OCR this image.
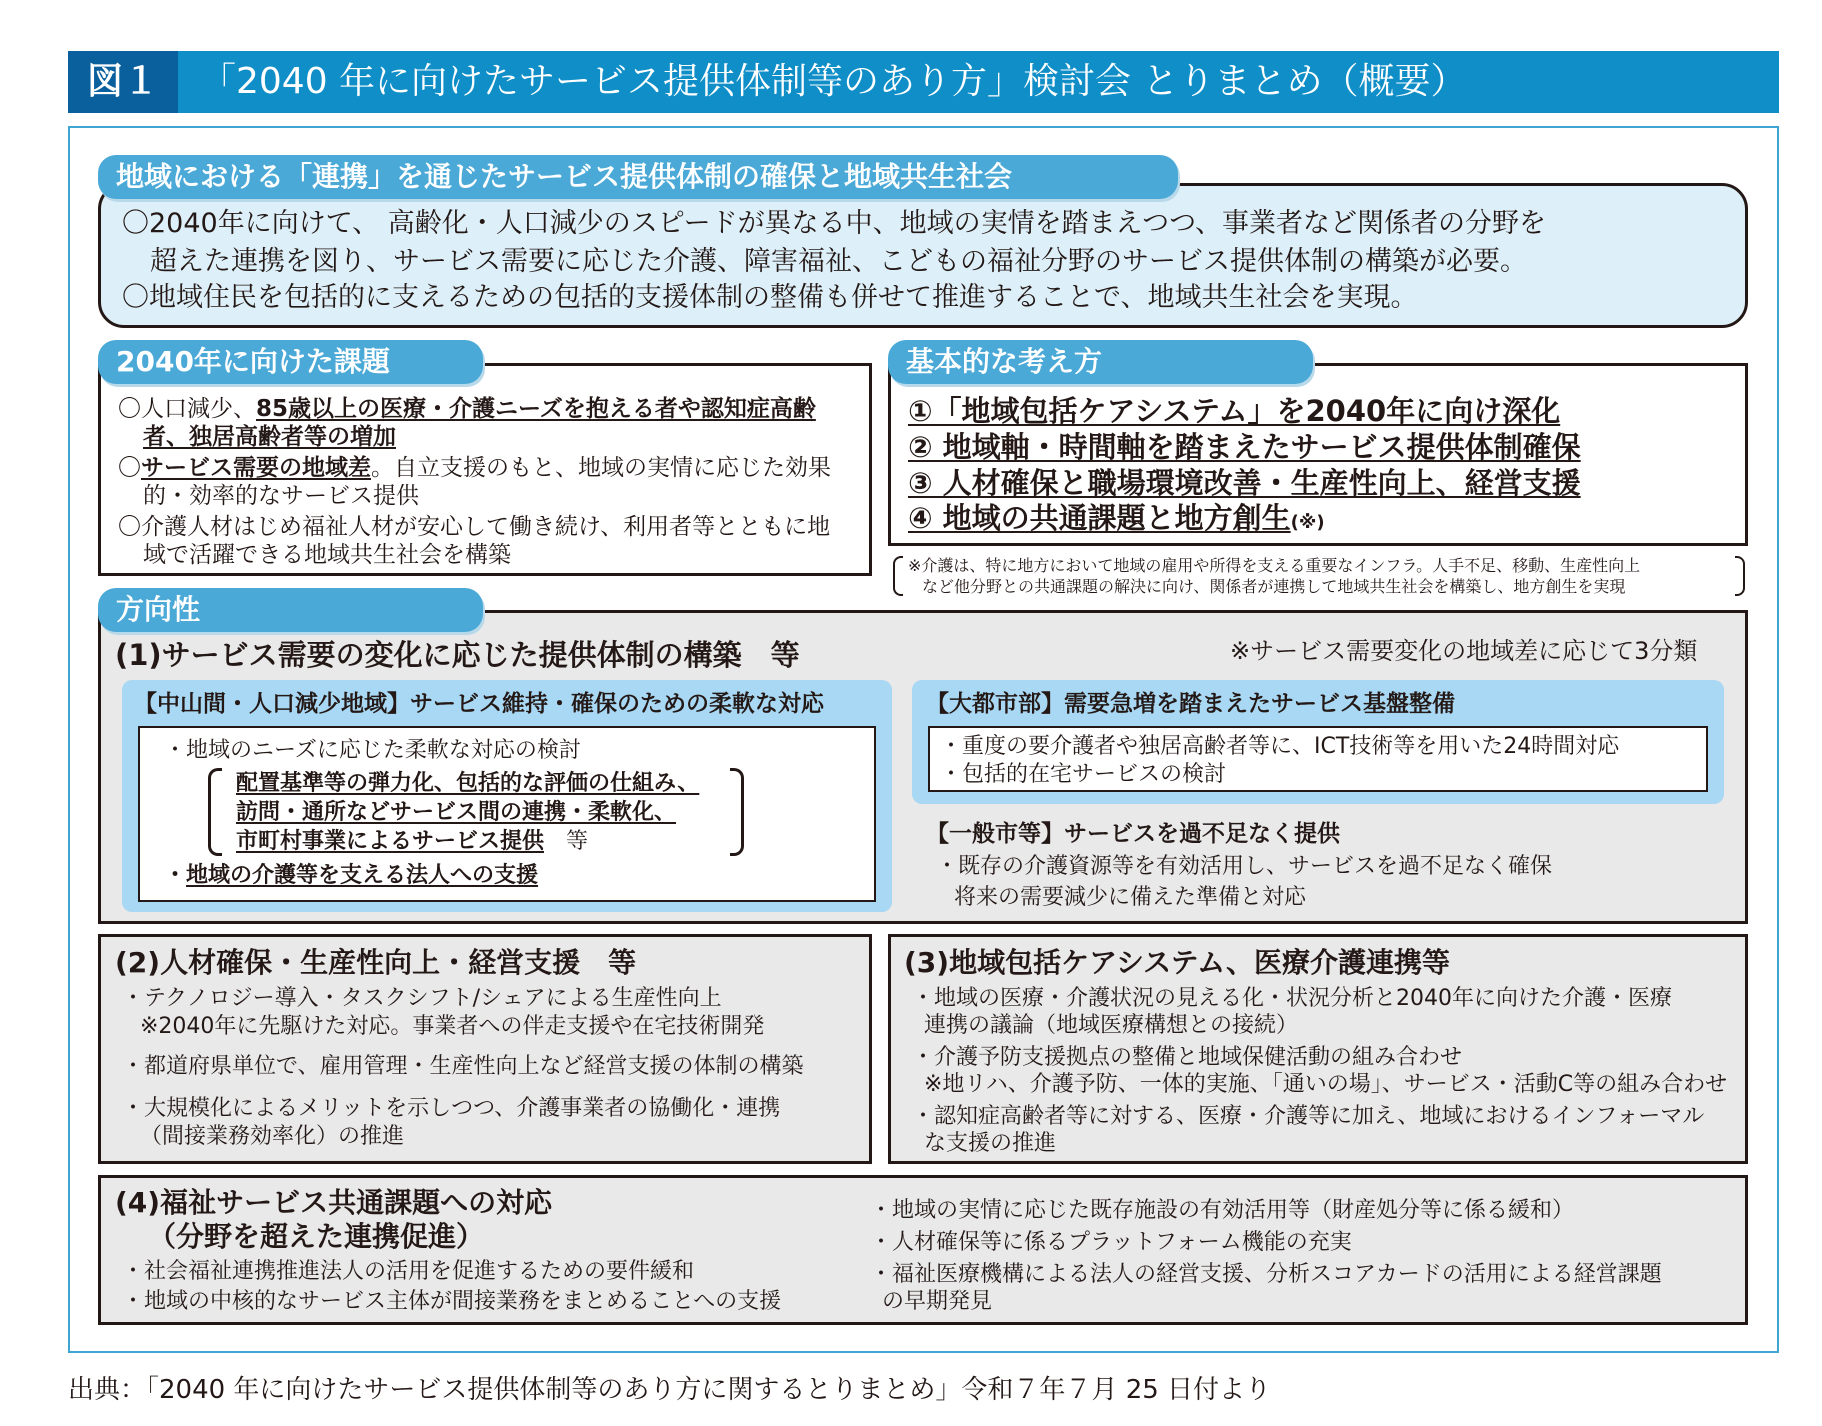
図１	「2040 年に向けたサービス提供体制等のあり方」検討会 とりまとめ（概要）
地域における「連携」を通じたサービス提供体制の確保と地域共生社会
〇2040年に向けて、 高齢化・人口減少のスピードが異なる中、地域の実情を踏まえつつ、事業者など関係者の分野を
超えた連携を図り、サービス需要に応じた介護、障害福祉、こどもの福祉分野のサービス提供体制の構築が必要。
〇地域住民を包括的に支えるための包括的支援体制の整備も併せて推進することで、地域共生社会を実現。
2040年に向けた課題
〇人口減少、85歳以上の医療・介護ニーズを抱える者や認知症高齢
者、独居高齢者等の増加
〇サービス需要の地域差。自立支援のもと、地域の実情に応じた効果
的・効率的なサービス提供
〇介護人材はじめ福祉人材が安心して働き続け、利用者等とともに地
域で活躍できる地域共生社会を構築
基本的な考え方
①「地域包括ケアシステム」を2040年に向け深化
② 地域軸・時間軸を踏まえたサービス提供体制確保
③ 人材確保と職場環境改善・生産性向上、経営支援
④ 地域の共通課題と地方創生(※)
※介護は、特に地方において地域の雇用や所得を支える重要なインフラ。人手不足、移動、生産性向上
など他分野との共通課題の解決に向け、関係者が連携して地域共生社会を構築し、地方創生を実現
方向性
(1)サービス需要の変化に応じた提供体制の構築　等	※サービス需要変化の地域差に応じて3分類
【中山間・人口減少地域】サービス維持・確保のための柔軟な対応
・地域のニーズに応じた柔軟な対応の検討
配置基準等の弾力化、包括的な評価の仕組み、
訪問・通所などサービス間の連携・柔軟化、
市町村事業によるサービス提供　 等
・地域の介護等を支える法人への支援
【大都市部】需要急増を踏まえたサービス基盤整備
・重度の要介護者や独居高齢者等に、ICT技術等を用いた24時間対応
・包括的在宅サービスの検討
【一般市等】サービスを過不足なく提供
・既存の介護資源等を有効活用し、サービスを過不足なく確保
将来の需要減少に備えた準備と対応
(2)人材確保・生産性向上・経営支援　等
・テクノロジー導入・タスクシフト/シェアによる生産性向上
※2040年に先駆けた対応。事業者への伴走支援や在宅技術開発
・都道府県単位で、雇用管理・生産性向上など経営支援の体制の構築
・大規模化によるメリットを示しつつ、介護事業者の協働化・連携
（間接業務効率化）の推進
(3)地域包括ケアシステム、医療介護連携等
・地域の医療・介護状況の見える化・状況分析と2040年に向けた介護・医療
連携の議論（地域医療構想との接続）
・介護予防支援拠点の整備と地域保健活動の組み合わせ
※地リハ、介護予防、一体的実施、「通いの場」、サービス・活動C等の組み合わせ
・認知症高齢者等に対する、医療・介護等に加え、地域におけるインフォーマル
な支援の推進
(4)福祉サービス共通課題への対応
（分野を超えた連携促進）
・社会福祉連携推進法人の活用を促進するための要件緩和
・地域の中核的なサービス主体が間接業務をまとめることへの支援
・地域の実情に応じた既存施設の有効活用等（財産処分等に係る緩和）
・人材確保等に係るプラットフォーム機能の充実
・福祉医療機構による法人の経営支援、分析スコアカードの活用による経営課題
の早期発見
出典：「2040 年に向けたサービス提供体制等のあり方に関するとりまとめ」令和７年７月 25 日付より
